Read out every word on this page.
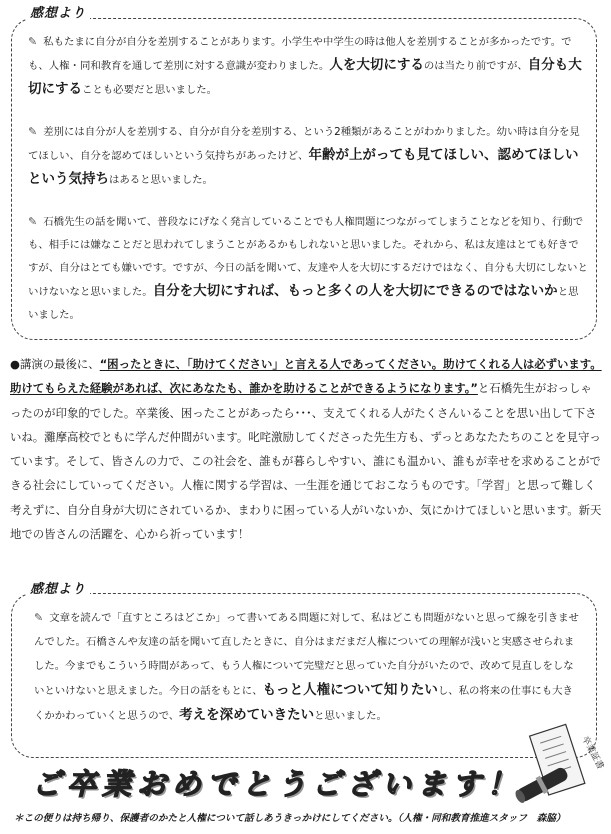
感想より

✎ 私もたまに自分が自分を差別することがあります。小学生や中学生の時は他人を差別することが多かったです。でも、人権・同和教育を通して差別に対する意識が変わりました。人を大切にするのは当たり前ですが、自分も大切にすることも必要だと思いました。

✎ 差別には自分が人を差別する、自分が自分を差別する、という2種類があることがわかりました。幼い時は自分を見てほしい、自分を認めてほしいという気持ちがあったけど、年齢が上がっても見てほしい、認めてほしいという気持ちはあると思いました。

✎ 石橋先生の話を聞いて、普段なにげなく発言していることでも人権問題につながってしまうことなどを知り、行動でも、相手には嫌なことだと思われてしまうことがあるかもしれないと思いました。それから、私は友達はとても好きですが、自分はとても嫌いです。ですが、今日の話を聞いて、友達や人を大切にするだけではなく、自分も大切にしないといけないなと思いました。自分を大切にすれば、もっと多くの人を大切にできるのではないかと思いました。

●講演の最後に、“困ったときに、「助けてください」と言える人であってください。助けてくれる人は必ずいます。助けてもらえた経験があれば、次にあなたも、誰かを助けることができるようになります。”と石橋先生がおっしゃったのが印象的でした。卒業後、困ったことがあったら･･･、支えてくれる人がたくさんいることを思い出して下さいね。灘摩高校でともに学んだ仲間がいます。叱咤激励してくださった先生方も、ずっとあなたたちのことを見守っています。そして、皆さんの力で、この社会を、誰もが暮らしやすい、誰にも温かい、誰もが幸せを求めることができる社会にしていってください。人権に関する学習は、一生涯を通じておこなうものです。「学習」と思って難しく考えずに、自分自身が大切にされているか、まわりに困っている人がいないか、気にかけてほしいと思います。新天地での皆さんの活躍を、心から祈っています！

感想より

✎ 文章を読んで「直すところはどこか」って書いてある問題に対して、私はどこも問題がないと思って線を引きませんでした。石橋さんや友達の話を聞いて直したときに、自分はまだまだ人権についての理解が浅いと実感させられました。今までもこういう時間があって、もう人権について完璧だと思っていた自分がいたので、改めて見直しをしないといけないと思えました。今日の話をもとに、もっと人権について知りたいし、私の将来の仕事にも大きくかかわっていくと思うので、考えを深めていきたいと思いました。

卒業証書
ご卒業おめでとうございます！
＊この便りは持ち帰り、保護者のかたと人権について話しあうきっかけにしてください。（人権・同和教育推進スタッフ　森脇）
